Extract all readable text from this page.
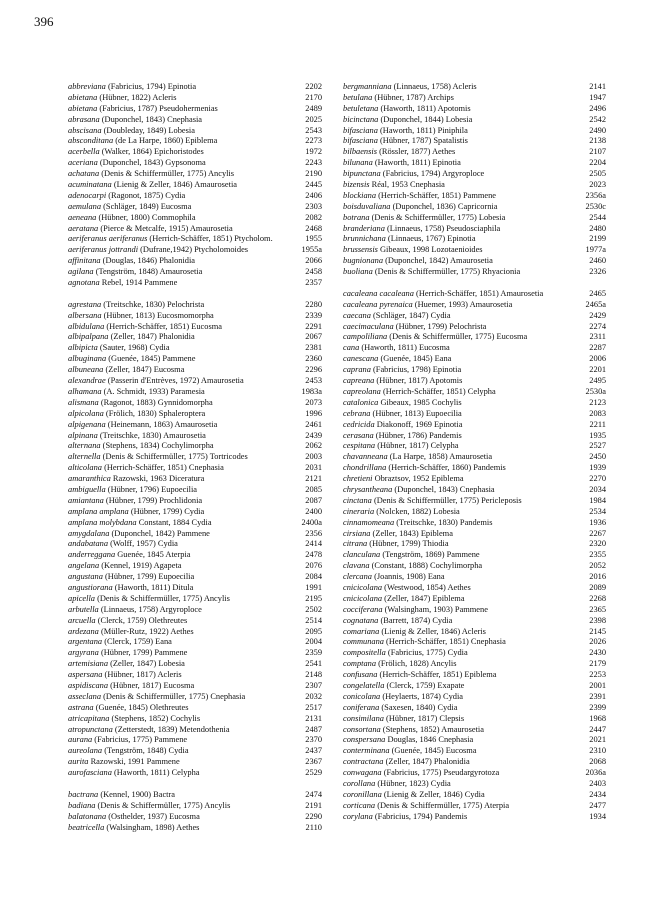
396
abbreviana (Fabricius, 1794) Epinotia	2202
abietana (Hübner, 1822) Acleris	2170
abietana (Fabricius, 1787) Pseudohermenias	2489
abrasana (Duponchel, 1843) Cnephasia	2025
abscisana (Doubleday, 1849) Lobesia	2543
absconditana (de La Harpe, 1860) Epiblema	2273
acerbella (Walker, 1864) Epichoristodes	1972
aceriana (Duponchel, 1843) Gypsonoma	2243
achatana (Denis & Schiffermüller, 1775) Ancylis	2190
acuminatana (Lienig & Zeller, 1846) Amaurosetia	2445
adenocarpi (Ragonot, 1875) Cydia	2406
aemulana (Schläger, 1849) Eucosma	2303
aeneana (Hübner, 1800) Commophila	2082
aeratana (Pierce & Metcalfe, 1915) Amaurosetia	2468
aeriferanus aeriferanus (Herrich-Schäffer, 1851) Ptycholom.	1955
aeriferanus jottrandi (Dufrane,1942) Ptycholomoides	1955a
affinitana (Douglas, 1846) Phalonidia	2066
agilana (Tengström, 1848) Amaurosetia	2458
agnotana Rebel, 1914 Pammene	2357
agrestana (Treitschke, 1830) Pelochrista	2280
albersana (Hübner, 1813) Eucosmomorpha	2339
albidulana (Herrich-Schäffer, 1851) Eucosma	2291
albipalpana (Zeller, 1847) Phalonidia	2067
albipicta (Sauter, 1968) Cydia	2381
albuginana (Guenée, 1845) Pammene	2360
albuneana (Zeller, 1847) Eucosma	2296
alexandrae (Passerin d'Entrèves, 1972) Amaurosetia	2453
alhamana (A. Schmidt, 1933) Paramesia	1983a
alismana (Ragonot, 1883) Gynnidomorpha	2073
alpicolana (Frölich, 1830) Sphaleroptera	1996
alpigenana (Heinemann, 1863) Amaurosetia	2461
alpinana (Treitschke, 1830) Amaurosetia	2439
alternana (Stephens, 1834) Cochylimorpha	2062
alternella (Denis & Schiffermüller, 1775) Tortricodes	2003
alticolana (Herrich-Schäffer, 1851) Cnephasia	2031
amaranthica Razowski, 1963 Diceratura	2121
ambiguella (Hübner, 1796) Eupoecilia	2085
amiantana (Hübner, 1799) Prochlidonia	2087
amplana amplana (Hübner, 1799) Cydia	2400
amplana molybdana Constant, 1884 Cydia	2400a
amygdalana (Duponchel, 1842) Pammene	2356
andabatana (Wolff, 1957) Cydia	2414
anderreggana Guenée, 1845 Aterpia	2478
angelana (Kennel, 1919) Agapeta	2076
angustana (Hübner, 1799) Eupoecilia	2084
angustiorana (Haworth, 1811) Ditula	1991
apicella (Denis & Schiffermüller, 1775) Ancylis	2195
arbutella (Linnaeus, 1758) Argyroploce	2502
arcuella (Clerck, 1759) Olethreutes	2514
ardezana (Müller-Rutz, 1922) Aethes	2095
argentana (Clerck, 1759) Eana	2004
argyrana (Hübner, 1799) Pammene	2359
artemisiana (Zeller, 1847) Lobesia	2541
aspersana (Hübner, 1817) Acleris	2148
aspidiscana (Hübner, 1817) Eucosma	2307
asseclana (Denis & Schiffermüller, 1775) Cnephasia	2032
astrana (Guenée, 1845) Olethreutes	2517
atricapitana (Stephens, 1852) Cochylis	2131
atropunctana (Zetterstedt, 1839) Metendothenia	2487
aurana (Fabricius, 1775) Pammene	2370
aureolana (Tengström, 1848) Cydia	2437
aurita Razowski, 1991 Pammene	2367
aurofasciana (Haworth, 1811) Celypha	2529
bactrana (Kennel, 1900) Bactra	2474
badiana (Denis & Schiffermüller, 1775) Ancylis	2191
balatonana (Osthelder, 1937) Eucosma	2290
beatricella (Walsingham, 1898) Aethes	2110
bergmanniana (Linnaeus, 1758) Acleris	2141
betulana (Hübner, 1787) Archips	1947
betuletana (Haworth, 1811) Apotomis	2496
bicinctana (Duponchel, 1844) Lobesia	2542
bifasciana (Haworth, 1811) Piniphila	2490
bifasciana (Hübner, 1787) Spatalistis	2138
bilbaensis (Rössler, 1877) Aethes	2107
bilunana (Haworth, 1811) Epinotia	2204
bipunctana (Fabricius, 1794) Argyroploce	2505
bizensis Réal, 1953 Cnephasia	2023
blockiana (Herrich-Schäffer, 1851) Pammene	2356a
boisduvaliana (Duponchel, 1836) Capricornia	2530c
botrana (Denis & Schiffermüller, 1775) Lobesia	2544
branderiana (Linnaeus, 1758) Pseudosciaphila	2480
brunnichana (Linnaeus, 1767) Epinotia	2199
brussensis Gibeaux, 1998 Lozotaenioides	1977a
bugnionana (Duponchel, 1842) Amaurosetia	2460
buoliana (Denis & Schiffermüller, 1775) Rhyacionia	2326
cacaleana cacaleana (Herrich-Schäffer, 1851) Amaurosetia	2465
cacaleana pyrenaica (Huemer, 1993) Amaurosetia	2465a
caecana (Schläger, 1847) Cydia	2429
caecimaculana (Hübner, 1799) Pelochrista	2274
campoliliana (Denis & Schiffermüller, 1775) Eucosma	2311
cana (Haworth, 1811) Eucosma	2287
canescana (Guenée, 1845) Eana	2006
caprana (Fabricius, 1798) Epinotia	2201
capreana (Hübner, 1817) Apotomis	2495
capreolana (Herrich-Schäffer, 1851) Celypha	2530a
catalonica Gibeaux, 1985 Cochylis	2123
cebrana (Hübner, 1813) Eupoecilia	2083
cedricida Diakonoff, 1969 Epinotia	2211
cerasana (Hübner, 1786) Pandemis	1935
cespitana (Hübner, 1817) Celypha	2527
chavanneana (La Harpe, 1858) Amaurosetia	2450
chondrillana (Herrich-Schäffer, 1860) Pandemis	1939
chretieni Obraztsov, 1952 Epiblema	2270
chrysantheana (Duponchel, 1843) Cnephasia	2034
cinctana (Denis & Schiffermüller, 1775) Pericleposis	1984
cineraria (Nolcken, 1882) Lobesia	2534
cinnamomeana (Treitschke, 1830) Pandemis	1936
cirsiana (Zeller, 1843) Epiblema	2267
citrana (Hübner, 1799) Thiodia	2320
clanculana (Tengström, 1869) Pammene	2355
clavana (Constant, 1888) Cochylimorpha	2052
clercana (Joannis, 1908) Eana	2016
cnicicolana (Westwood, 1854) Aethes	2089
cnicicolana (Zeller, 1847) Epiblema	2268
cocciferana (Walsingham, 1903) Pammene	2365
cognatana (Barrett, 1874) Cydia	2398
comariana (Lienig & Zeller, 1846) Acleris	2145
communana (Herrich-Schäffer, 1851) Cnephasia	2026
compositella (Fabricius, 1775) Cydia	2430
comptana (Frölich, 1828) Ancylis	2179
confusana (Herrich-Schäffer, 1851) Epiblema	2253
congelatella (Clerck, 1759) Exapate	2001
conicolana (Heylaerts, 1874) Cydia	2391
coniferana (Saxesen, 1840) Cydia	2399
consimilana (Hübner, 1817) Clepsis	1968
consortana (Stephens, 1852) Amaurosetia	2447
conspersana Douglas, 1846 Cnephasia	2021
conterminana (Guenée, 1845) Eucosma	2310
contractana (Zeller, 1847) Phalonidia	2068
conwagana (Fabricius, 1775) Pseudargyrotoza	2036a
corollana (Hübner, 1823) Cydia	2403
coronillana (Lienig & Zeller, 1846) Cydia	2434
corticana (Denis & Schiffermüller, 1775) Aterpia	2477
corylana (Fabricius, 1794) Pandemis	1934
